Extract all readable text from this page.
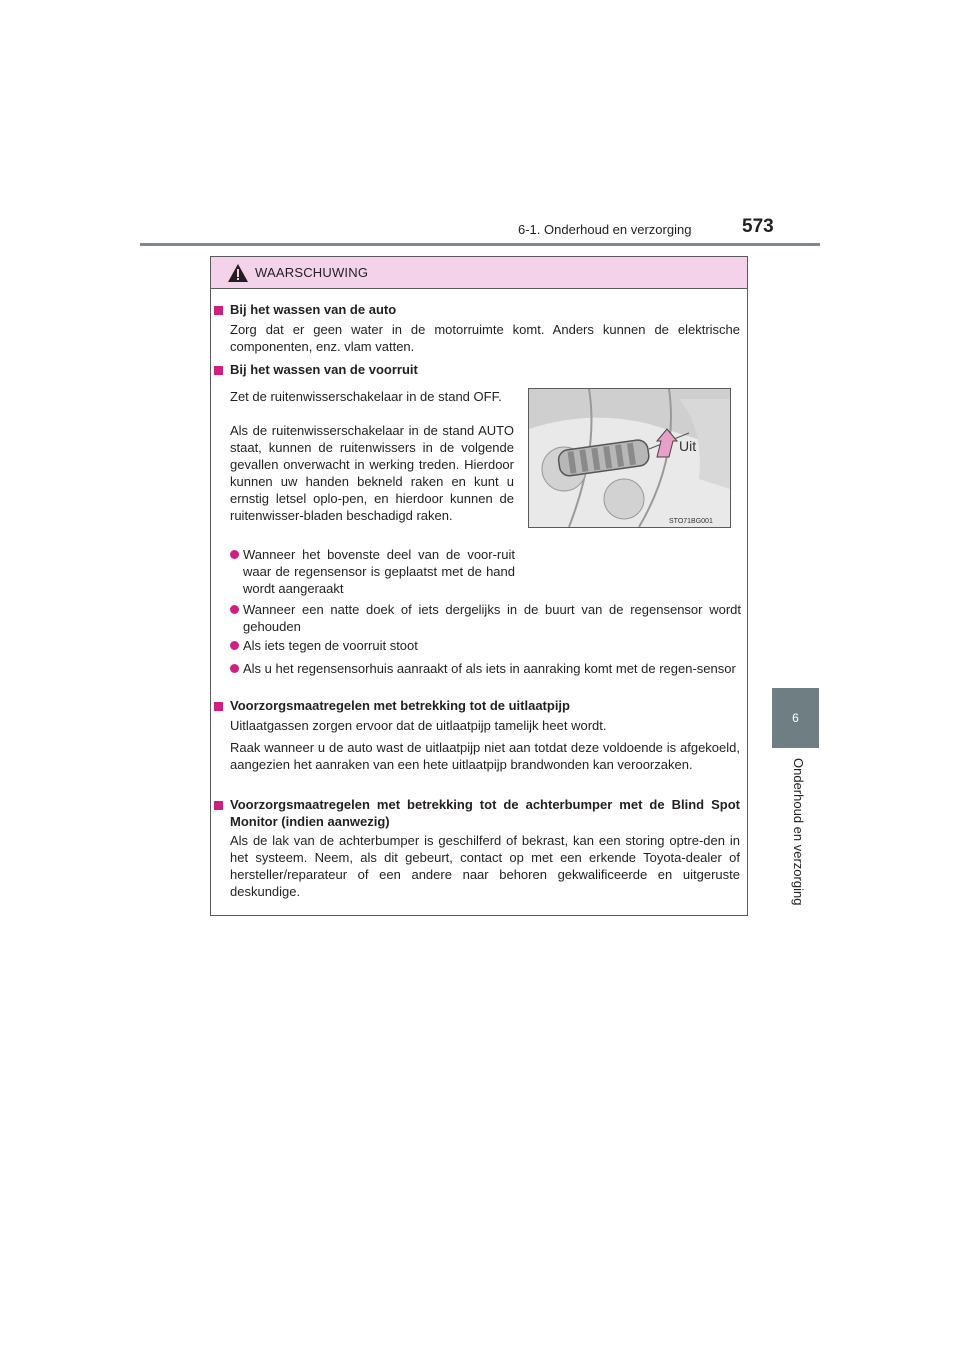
6-1. Onderhoud en verzorging	573
6
Onderhoud en verzorging
WAARSCHUWING
Bij het wassen van de auto
Zorg dat er geen water in de motorruimte komt. Anders kunnen de elektrische componenten, enz. vlam vatten.
Bij het wassen van de voorruit
Zet de ruitenwisserschakelaar in de stand OFF.
Als de ruitenwisserschakelaar in de stand AUTO staat, kunnen de ruitenwissers in de volgende gevallen onverwacht in werking treden. Hierdoor kunnen uw handen bekneld raken en kunt u ernstig letsel oplo-pen, en hierdoor kunnen de ruitenwisser-bladen beschadigd raken.
Wanneer het bovenste deel van de voor-ruit waar de regensensor is geplaatst met de hand wordt aangeraakt
Wanneer een natte doek of iets dergelijks in de buurt van de regensensor wordt gehouden
Als iets tegen de voorruit stoot
Als u het regensensorhuis aanraakt of als iets in aanraking komt met de regen-sensor
Uit
STO71BG001
Voorzorgsmaatregelen met betrekking tot de uitlaatpijp
Uitlaatgassen zorgen ervoor dat de uitlaatpijp tamelijk heet wordt.
Raak wanneer u de auto wast de uitlaatpijp niet aan totdat deze voldoende is afgekoeld, aangezien het aanraken van een hete uitlaatpijp brandwonden kan veroorzaken.
Voorzorgsmaatregelen met betrekking tot de achterbumper met de Blind Spot Monitor (indien aanwezig)
Als de lak van de achterbumper is geschilferd of bekrast, kan een storing optre-den in het systeem. Neem, als dit gebeurt, contact op met een erkende Toyota-dealer of hersteller/reparateur of een andere naar behoren gekwalificeerde en uitgeruste deskundige.
